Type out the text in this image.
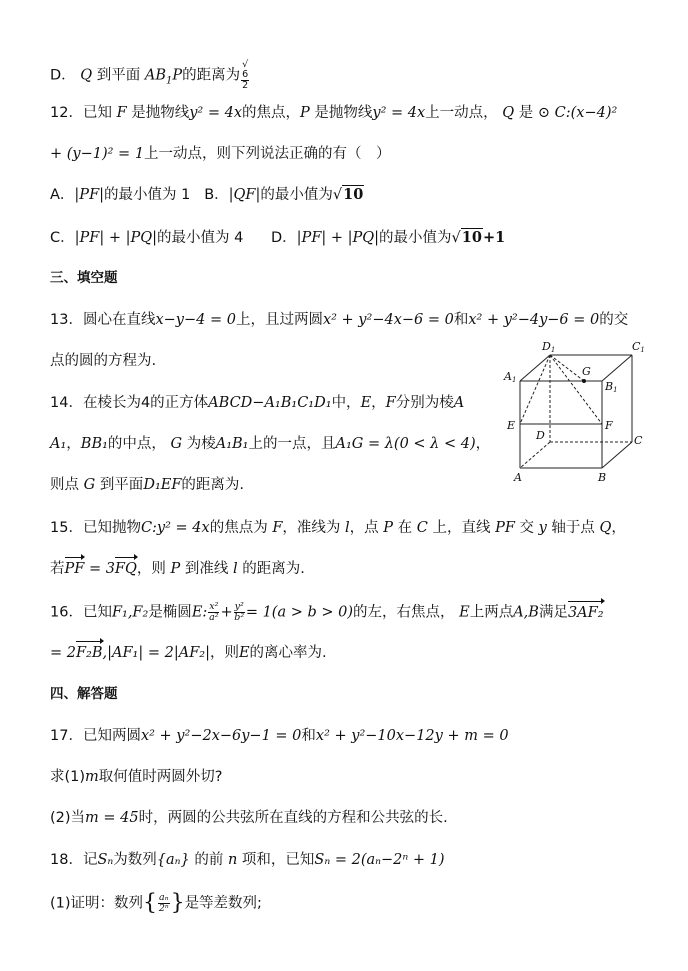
D． Q 到平面 $AB_1P$的距离为 √
6
2
12．已知 F 是抛物线y² = 4x的焦点，P 是抛物线y² = 4x上一动点， Q 是 ⊙ C:(x−4)²
+ (y−1)² = 1上一动点，则下列说法正确的有（　）
A．|PF|的最小值为 1 B．|QF|的最小值为√10
C．|PF| + |PQ|的最小值为 4 D．|PF| + |PQ|的最小值为√10+1
三、填空题
13．圆心在直线x−y−4 = 0上，且过两圆x² + y²−4x−6 = 0和x² + y²−4y−6 = 0的交
点的圆的方程为.
14．在棱长为4的正方体ABCD−A₁B₁C₁D₁中，E，F分别为棱A
A₁，BB₁的中点， G 为棱A₁B₁上的一点，且A₁G = λ(0 < λ < 4)，
则点 G 到平面D₁EF的距离为.
D1	C1
A1
G
B1
E
D
F
C
A	B
15．已知抛物C:y² = 4x的焦点为 F，准线为 l，点 P 在 C 上，直线 PF 交 y 轴于点 Q，
若PF = 3FQ，则 P 到准线 l 的距离为.
16．已知F₁,F₂是椭圆E: $\frac{\text{x²}}{\text{a²}} + \frac{\text{y²}}{\text{b²}} = 1(a > b > 0)$的左，右焦点， E上两点A,B满足3AF₂
= 2F₂B,|AF₁| = 2|AF₂|，则E的离心率为.
四、解答题
17．已知两圆x² + y²−2x−6y−1 = 0和x² + y²−10x−12y + m = 0
求(1)m取何值时两圆外切?
(2)当m = 45时，两圆的公共弦所在直线的方程和公共弦的长.
18．记Sₙ为数列{aₙ} 的前 n 项和，已知Sₙ = 2(aₙ−2ⁿ + 1)
(1)证明：数列{ $\frac{\text{aₙ}}{\text{2ⁿ}}$ }是等差数列;
